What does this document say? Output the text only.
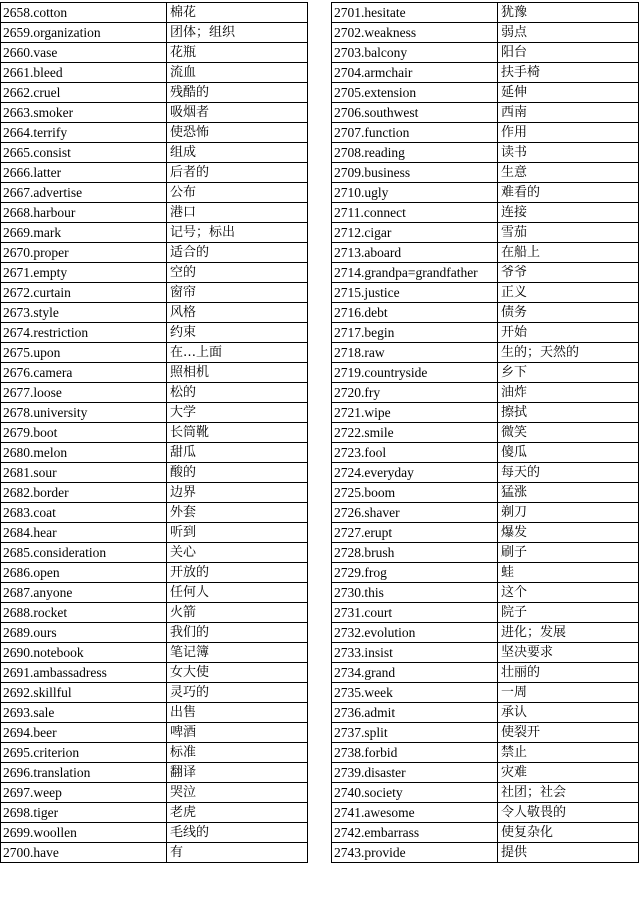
2658.cotton	棉花
2659.organization	团体；组织
2660.vase	花瓶
2661.bleed	流血
2662.cruel	残酷的
2663.smoker	吸烟者
2664.terrify	使恐怖
2665.consist	组成
2666.latter	后者的
2667.advertise	公布
2668.harbour	港口
2669.mark	记号；标出
2670.proper	适合的
2671.empty	空的
2672.curtain	窗帘
2673.style	风格
2674.restriction	约束
2675.upon	在…上面
2676.camera	照相机
2677.loose	松的
2678.university	大学
2679.boot	长筒靴
2680.melon	甜瓜
2681.sour	酸的
2682.border	边界
2683.coat	外套
2684.hear	听到
2685.consideration	关心
2686.open	开放的
2687.anyone	任何人
2688.rocket	火箭
2689.ours	我们的
2690.notebook	笔记簿
2691.ambassadress	女大使
2692.skillful	灵巧的
2693.sale	出售
2694.beer	啤酒
2695.criterion	标准
2696.translation	翻译
2697.weep	哭泣
2698.tiger	老虎
2699.woollen	毛线的
2700.have	有
2701.hesitate	犹豫
2702.weakness	弱点
2703.balcony	阳台
2704.armchair	扶手椅
2705.extension	延伸
2706.southwest	西南
2707.function	作用
2708.reading	读书
2709.business	生意
2710.ugly	难看的
2711.connect	连接
2712.cigar	雪茄
2713.aboard	在船上
2714.grandpa=grandfather	爷爷
2715.justice	正义
2716.debt	债务
2717.begin	开始
2718.raw	生的；天然的
2719.countryside	乡下
2720.fry	油炸
2721.wipe	擦拭
2722.smile	微笑
2723.fool	傻瓜
2724.everyday	每天的
2725.boom	猛涨
2726.shaver	剃刀
2727.erupt	爆发
2728.brush	刷子
2729.frog	蛙
2730.this	这个
2731.court	院子
2732.evolution	进化；发展
2733.insist	坚决要求
2734.grand	壮丽的
2735.week	一周
2736.admit	承认
2737.split	使裂开
2738.forbid	禁止
2739.disaster	灾难
2740.society	社团；社会
2741.awesome	令人敬畏的
2742.embarrass	使复杂化
2743.provide	提供
